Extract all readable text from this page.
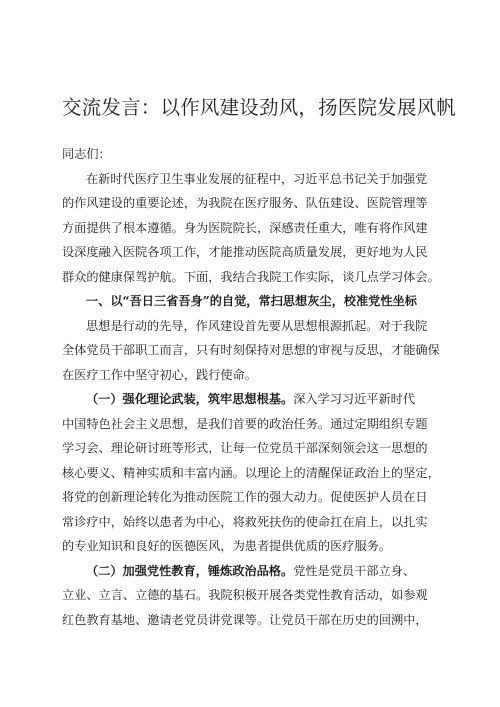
交流发言：以作风建设劲风，扬医院发展风帆
同志们：
在新时代医疗卫生事业发展的征程中，习近平总书记关于加强党
的作风建设的重要论述，为我院在医疗服务、队伍建设、医院管理等
方面提供了根本遵循。身为医院院长，深感责任重大，唯有将作风建
设深度融入医院各项工作，才能推动医院高质量发展，更好地为人民
群众的健康保驾护航。下面，我结合我院工作实际，谈几点学习体会。
一、以“吾日三省吾身”的自觉，常扫思想灰尘，校准党性坐标
思想是行动的先导，作风建设首先要从思想根源抓起。对于我院
全体党员干部职工而言，只有时刻保持对思想的审视与反思，才能确保
在医疗工作中坚守初心，践行使命。
（一）强化理论武装，筑牢思想根基。深入学习习近平新时代
中国特色社会主义思想，是我们首要的政治任务。通过定期组织专题
学习会、理论研讨班等形式，让每一位党员干部深刻领会这一思想的
核心要义、精神实质和丰富内涵。以理论上的清醒保证政治上的坚定，
将党的创新理论转化为推动医院工作的强大动力。促使医护人员在日
常诊疗中，始终以患者为中心，将救死扶伤的使命扛在肩上，以扎实
的专业知识和良好的医德医风，为患者提供优质的医疗服务。
（二）加强党性教育，锤炼政治品格。党性是党员干部立身、
立业、立言、立德的基石。我院积极开展各类党性教育活动，如参观
红色教育基地、邀请老党员讲党课等。让党员干部在历史的回溯中，
